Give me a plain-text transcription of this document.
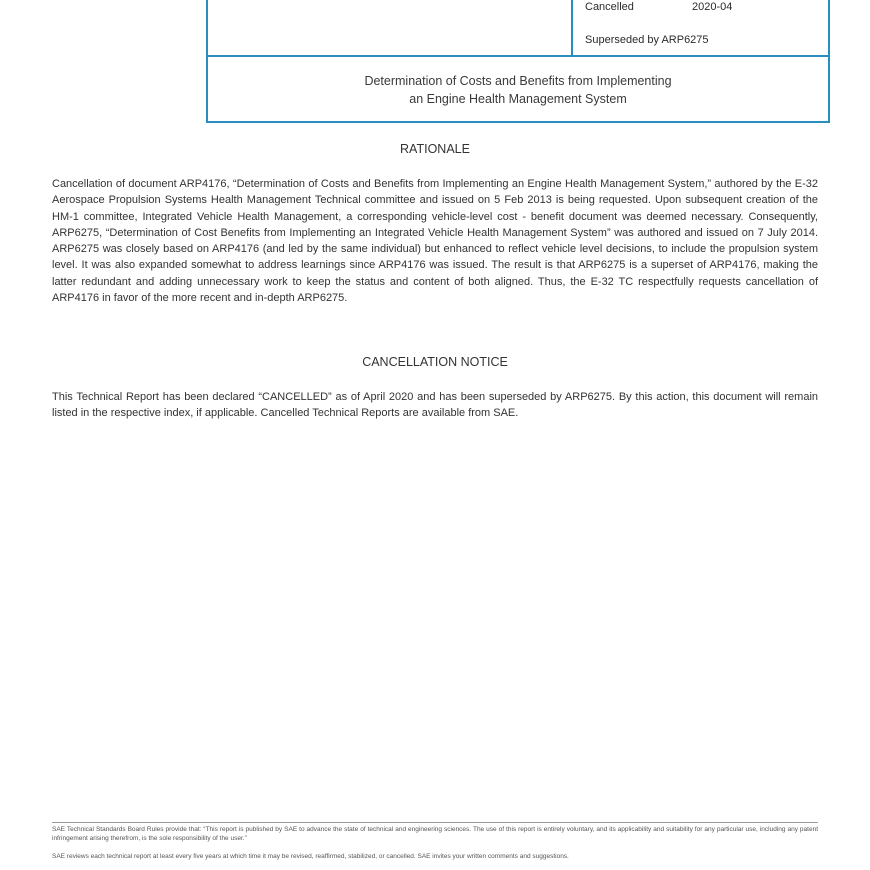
Cancelled	2020-04
Superseded by ARP6275
Determination of Costs and Benefits from Implementing
an Engine Health Management System
RATIONALE
Cancellation of document ARP4176, “Determination of Costs and Benefits from Implementing an Engine Health Management System,” authored by the E-32 Aerospace Propulsion Systems Health Management Technical committee and issued on 5 Feb 2013 is being requested. Upon subsequent creation of the HM-1 committee, Integrated Vehicle Health Management, a corresponding vehicle-level cost - benefit document was deemed necessary. Consequently, ARP6275, “Determination of Cost Benefits from Implementing an Integrated Vehicle Health Management System” was authored and issued on 7 July 2014. ARP6275 was closely based on ARP4176 (and led by the same individual) but enhanced to reflect vehicle level decisions, to include the propulsion system level. It was also expanded somewhat to address learnings since ARP4176 was issued. The result is that ARP6275 is a superset of ARP4176, making the latter redundant and adding unnecessary work to keep the status and content of both aligned. Thus, the E-32 TC respectfully requests cancellation of ARP4176 in favor of the more recent and in-depth ARP6275.
CANCELLATION NOTICE
This Technical Report has been declared “CANCELLED” as of April 2020 and has been superseded by ARP6275. By this action, this document will remain listed in the respective index, if applicable. Cancelled Technical Reports are available from SAE.
SAE Technical Standards Board Rules provide that: “This report is published by SAE to advance the state of technical and engineering sciences. The use of this report is entirely voluntary, and its applicability and suitability for any particular use, including any patent infringement arising therefrom, is the sole responsibility of the user.”
SAE reviews each technical report at least every five years at which time it may be revised, reaffirmed, stabilized, or cancelled. SAE invites your written comments and suggestions.
